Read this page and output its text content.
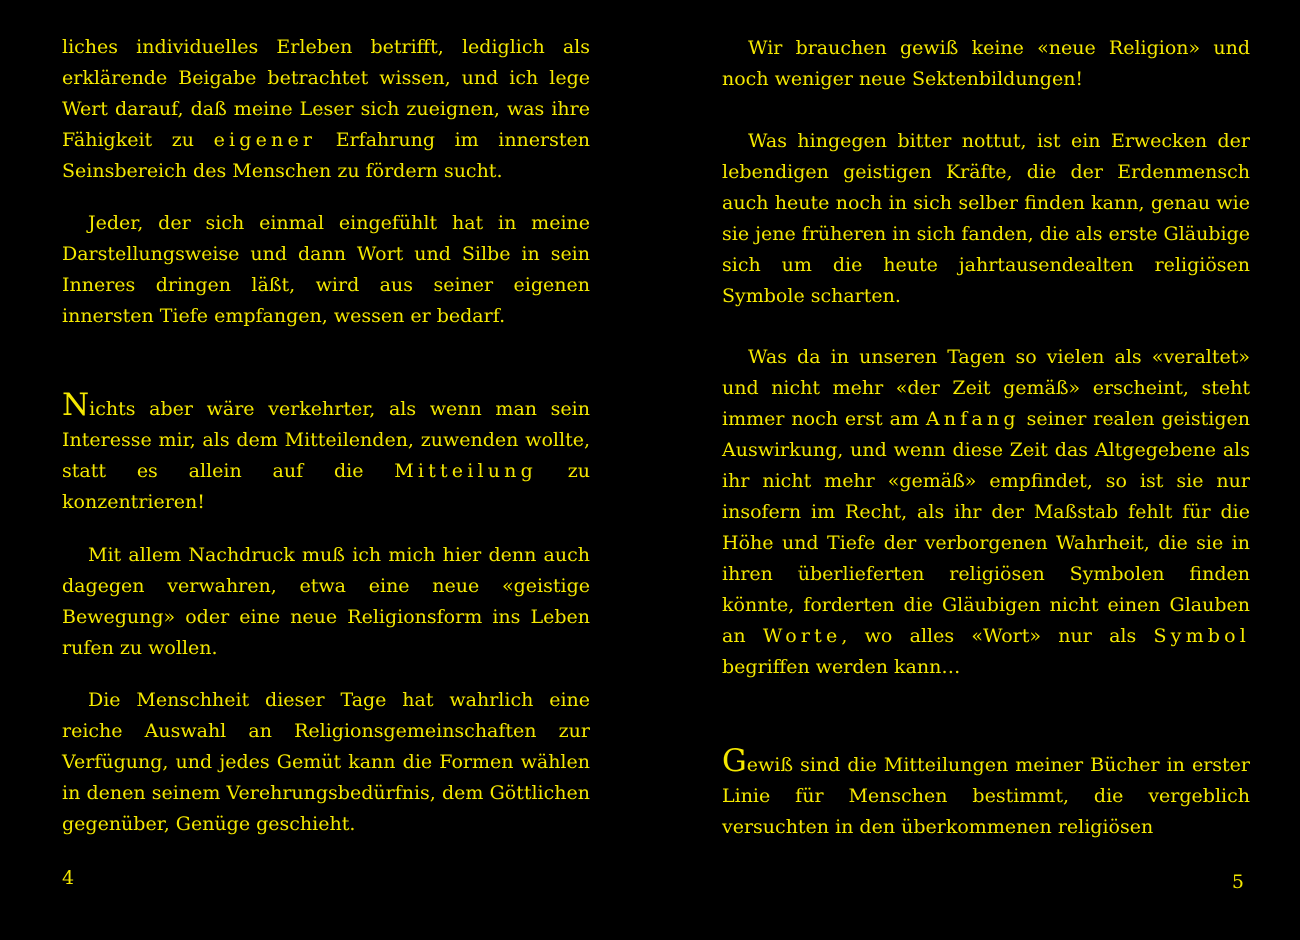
liches individuelles Erleben betrifft, lediglich als erklärende Beigabe betrachtet wissen, und ich lege Wert darauf, daß meine Leser sich zueignen, was ihre Fähigkeit zu eigener Erfahrung im innersten Seinsbereich des Menschen zu fördern sucht.

Jeder, der sich einmal eingefühlt hat in meine Darstellungsweise und dann Wort und Silbe in sein Inneres dringen läßt, wird aus seiner eigenen innersten Tiefe empfangen, wessen er bedarf.

Nichts aber wäre verkehrter, als wenn man sein Interesse mir, als dem Mitteilenden, zuwenden wollte, statt es allein auf die Mitteilung zu konzentrieren!

Mit allem Nachdruck muß ich mich hier denn auch dagegen verwahren, etwa eine neue «geistige Bewegung» oder eine neue Religionsform ins Leben rufen zu wollen.

Die Menschheit dieser Tage hat wahrlich eine reiche Auswahl an Religionsgemeinschaften zur Verfügung, und jedes Gemüt kann die Formen wählen in denen seinem Verehrungsbedürfnis, dem Göttlichen gegenüber, Genüge geschieht.

4

Wir brauchen gewiß keine «neue Religion» und noch weniger neue Sektenbildungen!

Was hingegen bitter nottut, ist ein Erwecken der lebendigen geistigen Kräfte, die der Erdenmensch auch heute noch in sich selber finden kann, genau wie sie jene früheren in sich fanden, die als erste Gläubige sich um die heute jahrtausendealten religiösen Symbole scharten.

Was da in unseren Tagen so vielen als «veraltet» und nicht mehr «der Zeit gemäß» erscheint, steht immer noch erst am Anfang seiner realen geistigen Auswirkung, und wenn diese Zeit das Altgegebene als ihr nicht mehr «gemäß» empfindet, so ist sie nur insofern im Recht, als ihr der Maßstab fehlt für die Höhe und Tiefe der verborgenen Wahrheit, die sie in ihren überlieferten religiösen Symbolen finden könnte, forderten die Gläubigen nicht einen Glauben an Worte, wo alles «Wort» nur als Symbol begriffen werden kann…

Gewiß sind die Mitteilungen meiner Bücher in erster Linie für Menschen bestimmt, die vergeblich versuchten in den überkommenen religiösen

5
